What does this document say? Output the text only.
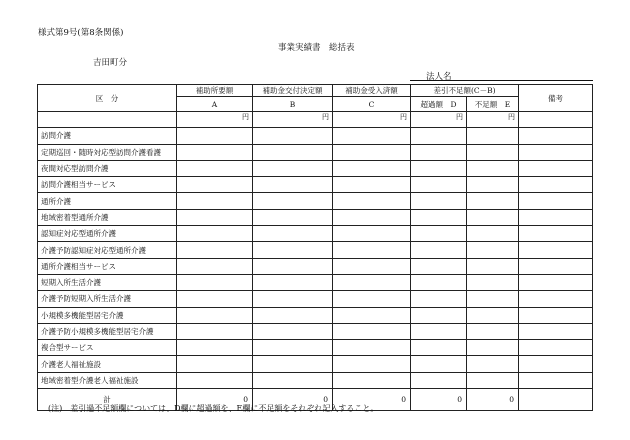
様式第9号(第8条関係)
事業実績書　総括表
吉田町分
法人名
区　分	補助所要額	補助金交付決定額	補助金受入済額	差引不足額(C－B)		備考
	A	B	C	超過額　D	不足額　E	
	円	円	円	円	円	
訪問介護						
定期巡回・随時対応型訪問介護看護						
夜間対応型訪問介護						
訪問介護相当サービス						
通所介護						
地域密着型通所介護						
認知症対応型通所介護						
介護予防認知症対応型通所介護						
通所介護相当サービス						
短期入所生活介護						
介護予防短期入所生活介護						
小規模多機能型居宅介護						
介護予防小規模多機能型居宅介護						
複合型サービス						
介護老人福祉施設						
地域密着型介護老人福祉施設						
計	0	0	0	0	0	
(注)　差引過不足額欄については、D欄に超過額を、E欄に不足額をそれぞれ記入すること。
